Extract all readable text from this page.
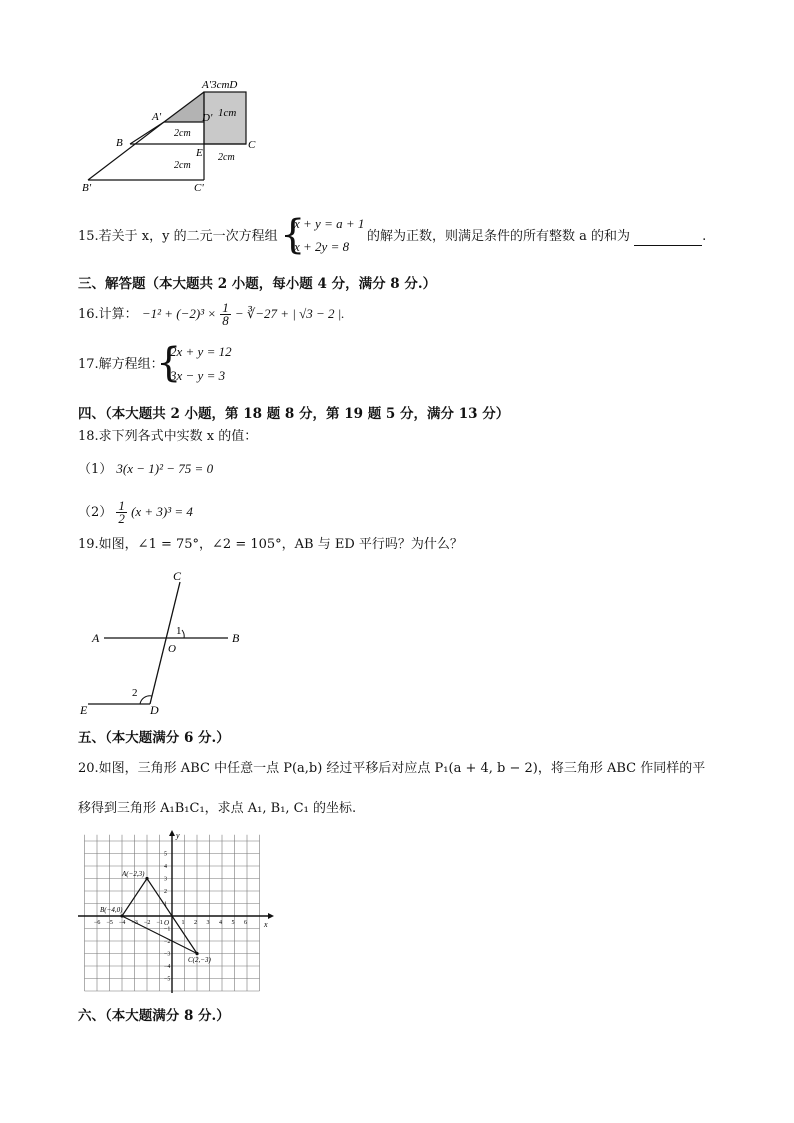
A'3cmD
A'	D'
2cm
1cm
B
E
C
2cm
2cm
B'	C'
15.若关于 x，y 的二元一次方程组 {
x + y = a + 1
x + 2y = 8
的解为正数，则满足条件的所有整数 a 的和为	.
三、解答题（本大题共 2 小题，每小题 4 分，满分 8 分.）
16.计算： $-1^2 + (-2)^3 \times \frac{1}{8}$ − ∛−27 + | √3 − 2 |.
17.解方程组：
{
2x + y = 12
3x − y = 3
四、（本大题共 2 小题，第 18 题 8 分，第 19 题 5 分，满分 13 分）
18.求下列各式中实数 x 的值：
（1） 3(x − 1)² − 75 = 0
$(2) \frac{1}{2} (x + 3)^3 = 4$
19.如图，∠1 = 75°，∠2 = 105°，AB 与 ED 平行吗？为什么？
C
A	B
O
1
2
E	D
五、（本大题满分 6 分.）
20.如图，三角形 ABC 中任意一点 P(a,b) 经过平移后对应点 P₁(a + 4, b − 2)，将三角形 ABC 作同样的平
移得到三角形 A₁B₁C₁，求点 A₁, B₁, C₁ 的坐标.
y
x
O
−6 −5 −4 −3 −2 −1	1 2 3 4 5 6
5
4
3
2
1
−1
−2
−3
−4
−5
A(−2,3)
B(−4,0)
C(2,−3)
六、（本大题满分 8 分.）
